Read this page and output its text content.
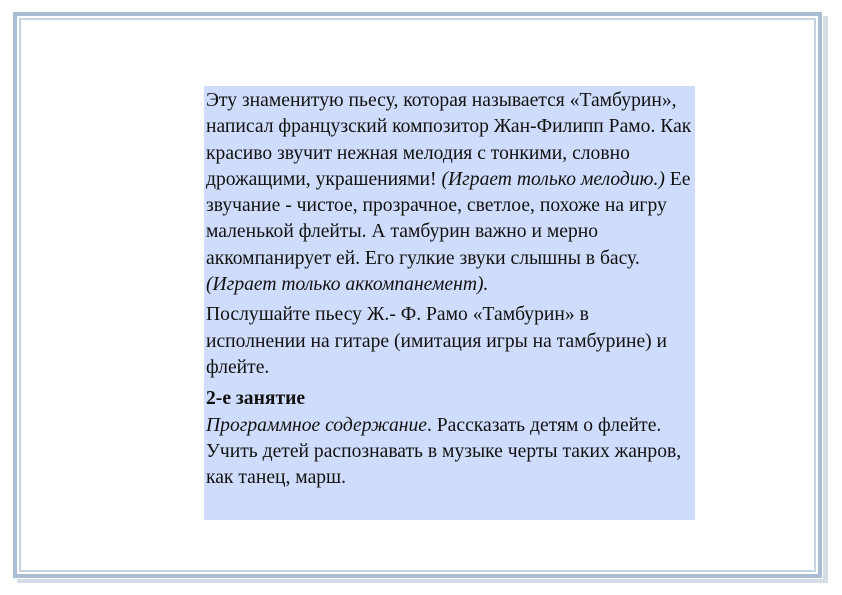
Эту знаменитую пьесу, которая называется «Тамбурин», написал французский композитор Жан-Филипп Рамо. Как красиво звучит нежная мелодия с тонкими, словно дрожащими, украшениями! (Играет только мелодию.) Ее звучание - чистое, прозрачное, светлое, похоже на игру маленькой флейты. А тамбурин важно и мерно аккомпанирует ей. Его гулкие звуки слышны в басу. (Играет только аккомпанемент).

Послушайте пьесу Ж.- Ф. Рамо «Тамбурин» в исполнении на гитаре (имитация игры на тамбурине) и флейте.

2-е занятие

Программное содержание. Рассказать детям о флейте. Учить детей распознавать в музыке черты таких жанров, как танец, марш.
